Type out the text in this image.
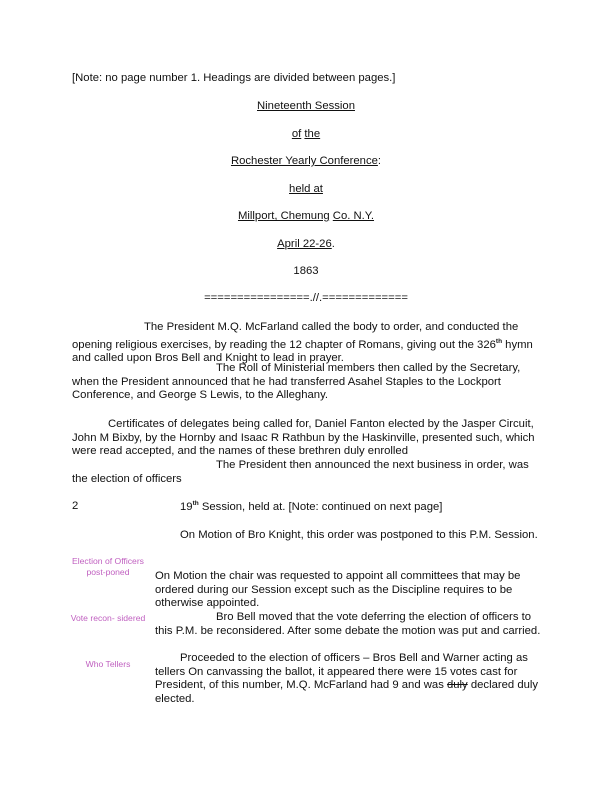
[Note: no page number 1. Headings are divided between pages.]
Nineteenth Session
of the
Rochester Yearly Conference:
held at
Millport, Chemung Co. N.Y.
April 22-26.
1863
================.//.=============
The President M.Q. McFarland called the body to order, and conducted the opening religious exercises, by reading the 12 chapter of Romans, giving out the 326th hymn and called upon Bros Bell and Knight to lead in prayer.
The Roll of Ministerial members then called by the Secretary, when the President announced that he had transferred Asahel Staples to the Lockport Conference, and George S Lewis, to the Alleghany.
Certificates of delegates being called for, Daniel Fanton elected by the Jasper Circuit, John M Bixby, by the Hornby and Isaac R Rathbun by the Haskinville, presented such, which were read accepted, and the names of these brethren duly enrolled
The President then announced the next business in order, was the election of officers
2	19th Session, held at. [Note: continued on next page]
Election of Officers post-poned
Vote recon- sidered
Who Tellers
On Motion of Bro Knight, this order was postponed to this P.M. Session.
On Motion the chair was requested to appoint all committees that may be ordered during our Session except such as the Discipline requires to be otherwise appointed.
Bro Bell moved that the vote deferring the election of officers to this P.M. be reconsidered. After some debate the motion was put and carried.
Proceeded to the election of officers – Bros Bell and Warner acting as tellers On canvassing the ballot, it appeared there were 15 votes cast for President, of this number, M.Q. McFarland had 9 and was duly declared duly elected.
